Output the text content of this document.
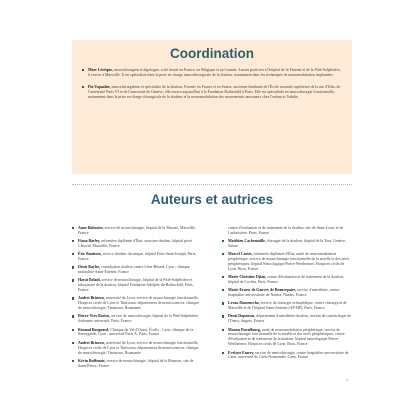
Coordination
Marc Lévêque, neurochirurgien et algologue, a été formé en France, en Belgique et au Canada. Ancien praticien à l'hôpital de la Timone et de la Pitié-Salpêtrière, il exerce à Marseille. Il est spécialiste dans la prise en charge neurochirurgicale de la douleur, notamment dans les techniques de neuromodulation implantées.
Pia Vapaalne, neurochirurgienne et spécialiste de la douleur. Formée en France et en Suisse, ancienne étudiante de l'École normale supérieure de la rue d'Ulm, de l'université Paris VI et de l'université de Genève, elle exerce aujourd'hui à la Fondation Rothschild à Paris. Elle est spécialisée en neurochirurgie fonctionnelle, notamment dans la prise en charge chirurgicale de la douleur et la neuromodulation des mouvements anormaux chez l'enfant et l'adulte.
Auteurs et autrices
Anne Balossier, service de neurochirurgie, hôpital de la Timone, Marseille, France
Fiona Barley, infirmière diplômée d'État, structure douleur, hôpital privé Clairval, Marseille, France
Éric Bauttont, service douleur chronique, hôpital Paris Saint-Joseph, Paris, France
Denis Bayles, consultation douleur centre Léon-Bérard, Lyon ; clinique mutualiste Saint-Étienne, France
Hayat Belaïd, service de neurochirurgie, hôpital de la Pitié-Salpêtrière et laboratoire de la douleur, hôpital Fondation Adolphe-de-Rothschild, Paris, France
Andrei Brinzeu, université de Lyon, service de neurochirurgie fonctionnelle, Hospices civils de Lyon et Timisoara, département de neurosciences, clinique de neurochirurgie, Timisoara, Roumanie
Pierre-Yves Borius, service de neurochirurgie, hôpital de la Pitié-Salpêtrière, Sorbonne université, Paris, France
Renaud Bougeard, Clinique du Val d'Ouest, Écully ; Lyon, clinique de la Sauvegarde, Lyon ; université Paris X, Paris, France
Andrei Brinzeu, université de Lyon, service de neurochirurgie fonctionnelle, Hospices civils de Lyon et Timisoara, département de neurosciences, clinique de neurochirurgie, Timisoara, Roumanie
Kévin Buffenoir, service de neurochirurgie, hôpital de la Réunion, site de Saint-Pierre, France
centre d'évaluation et de traitement de la douleur, site de Saint-Louis et de Lariboisière, Paris, France
Matthieu Cachemaille, chirurgie de la douleur, hôpital de la Tour, Genève, Suisse
Marcel Cartet, infirmière diplômée d'État, unité de neuromodulation périphérique, service de neurochirurgie fonctionnelle de la moelle et des nerfs périphériques, hôpital Neurologique Pierre-Wertheimer, Hospices civils de Lyon, Bron, France
Marie-Christine Djian, centre d'évaluation et de traitement de la douleur, hôpital de Cochin, Paris, France
Marie-Ernest de Ganvry de Beaurepaire, service d'anesthésie, centre hospitalier universitaire de Nantes, Nantes, France
Levan Domenecho, service de chirurgie orthopédique, centre chirurgical de Marseille et de l'hôpital Saint-Antoine (AP-HP), Paris, France
Denis Dupoiron, département d'anesthésie-douleur, institut de cancérologie de l'Ouest, Angers, France
Manon Duraffourg, unité de neuromodulation périphérique, service de neurochirurgie fonctionnelle de la moelle et des nerfs périphériques, centre d'évaluation et de traitement de la douleur, hôpital neurologique Pierre-Wertheimer, Hospices civils de Lyon, Bron, France
Evelyne Emery, service de neurochirurgie, centre hospitalier universitaire de Caen, université de Caen-Normandie, Caen, France
7
